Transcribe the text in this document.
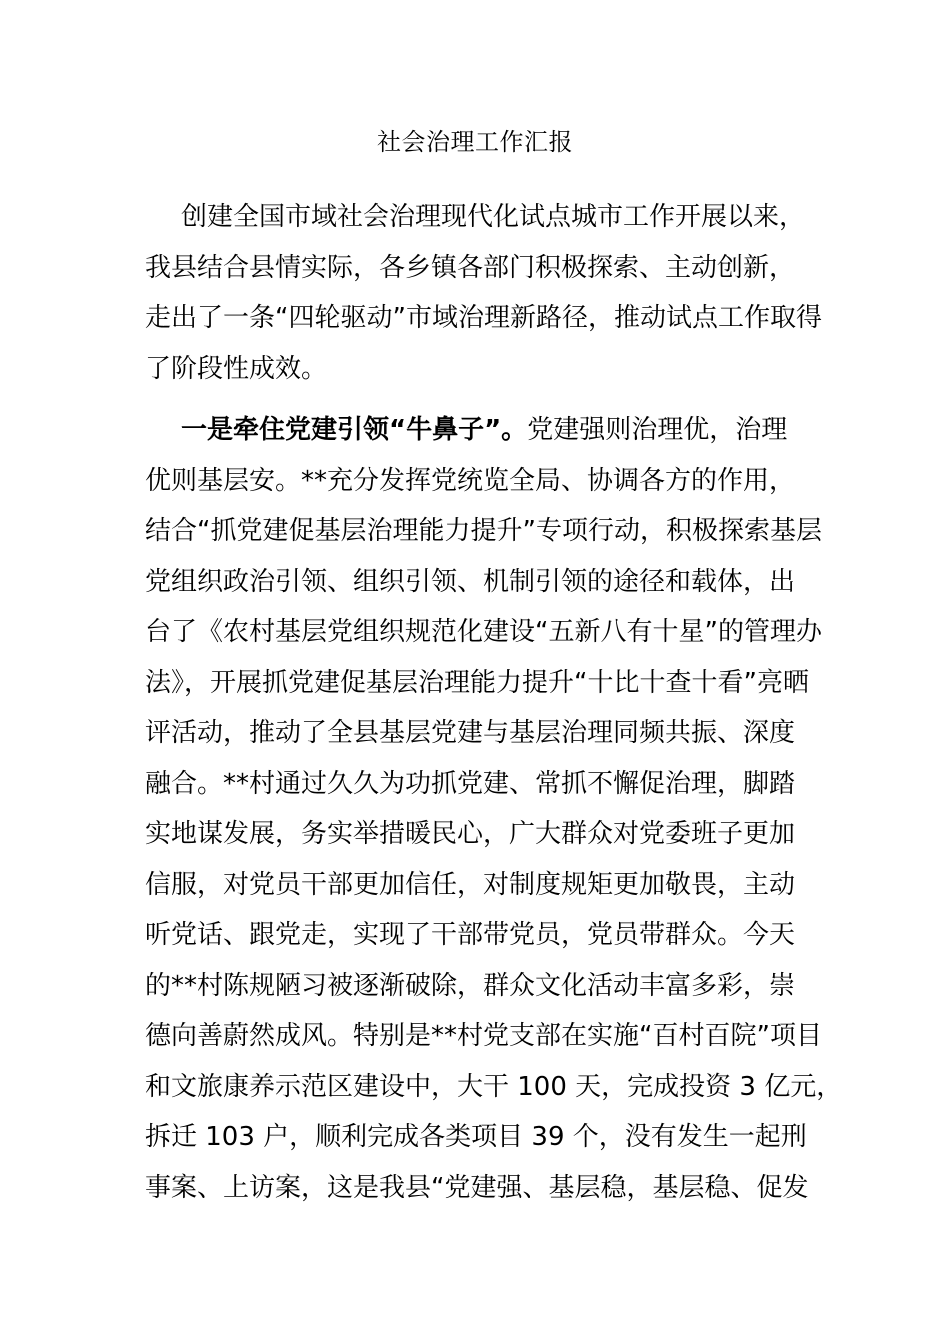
社会治理工作汇报
创建全国市域社会治理现代化试点城市工作开展以来，
我县结合县情实际，各乡镇各部门积极探索、主动创新，
走出了一条“四轮驱动”市域治理新路径，推动试点工作取得
了阶段性成效。
一是牵住党建引领“牛鼻子”。党建强则治理优，治理
优则基层安。**充分发挥党统览全局、协调各方的作用，
结合“抓党建促基层治理能力提升”专项行动，积极探索基层
党组织政治引领、组织引领、机制引领的途径和载体，出
台了《农村基层党组织规范化建设“五新八有十星”的管理办
法》，开展抓党建促基层治理能力提升“十比十查十看”亮晒
评活动，推动了全县基层党建与基层治理同频共振、深度
融合。**村通过久久为功抓党建、常抓不懈促治理，脚踏
实地谋发展，务实举措暖民心，广大群众对党委班子更加
信服，对党员干部更加信任，对制度规矩更加敬畏，主动
听党话、跟党走，实现了干部带党员，党员带群众。今天
的**村陈规陋习被逐渐破除，群众文化活动丰富多彩，崇
德向善蔚然成风。特别是**村党支部在实施“百村百院”项目
和文旅康养示范区建设中，大干 100 天，完成投资 3 亿元，
拆迁 103 户，顺利完成各类项目 39 个，没有发生一起刑
事案、上访案，这是我县“党建强、基层稳，基层稳、促发
